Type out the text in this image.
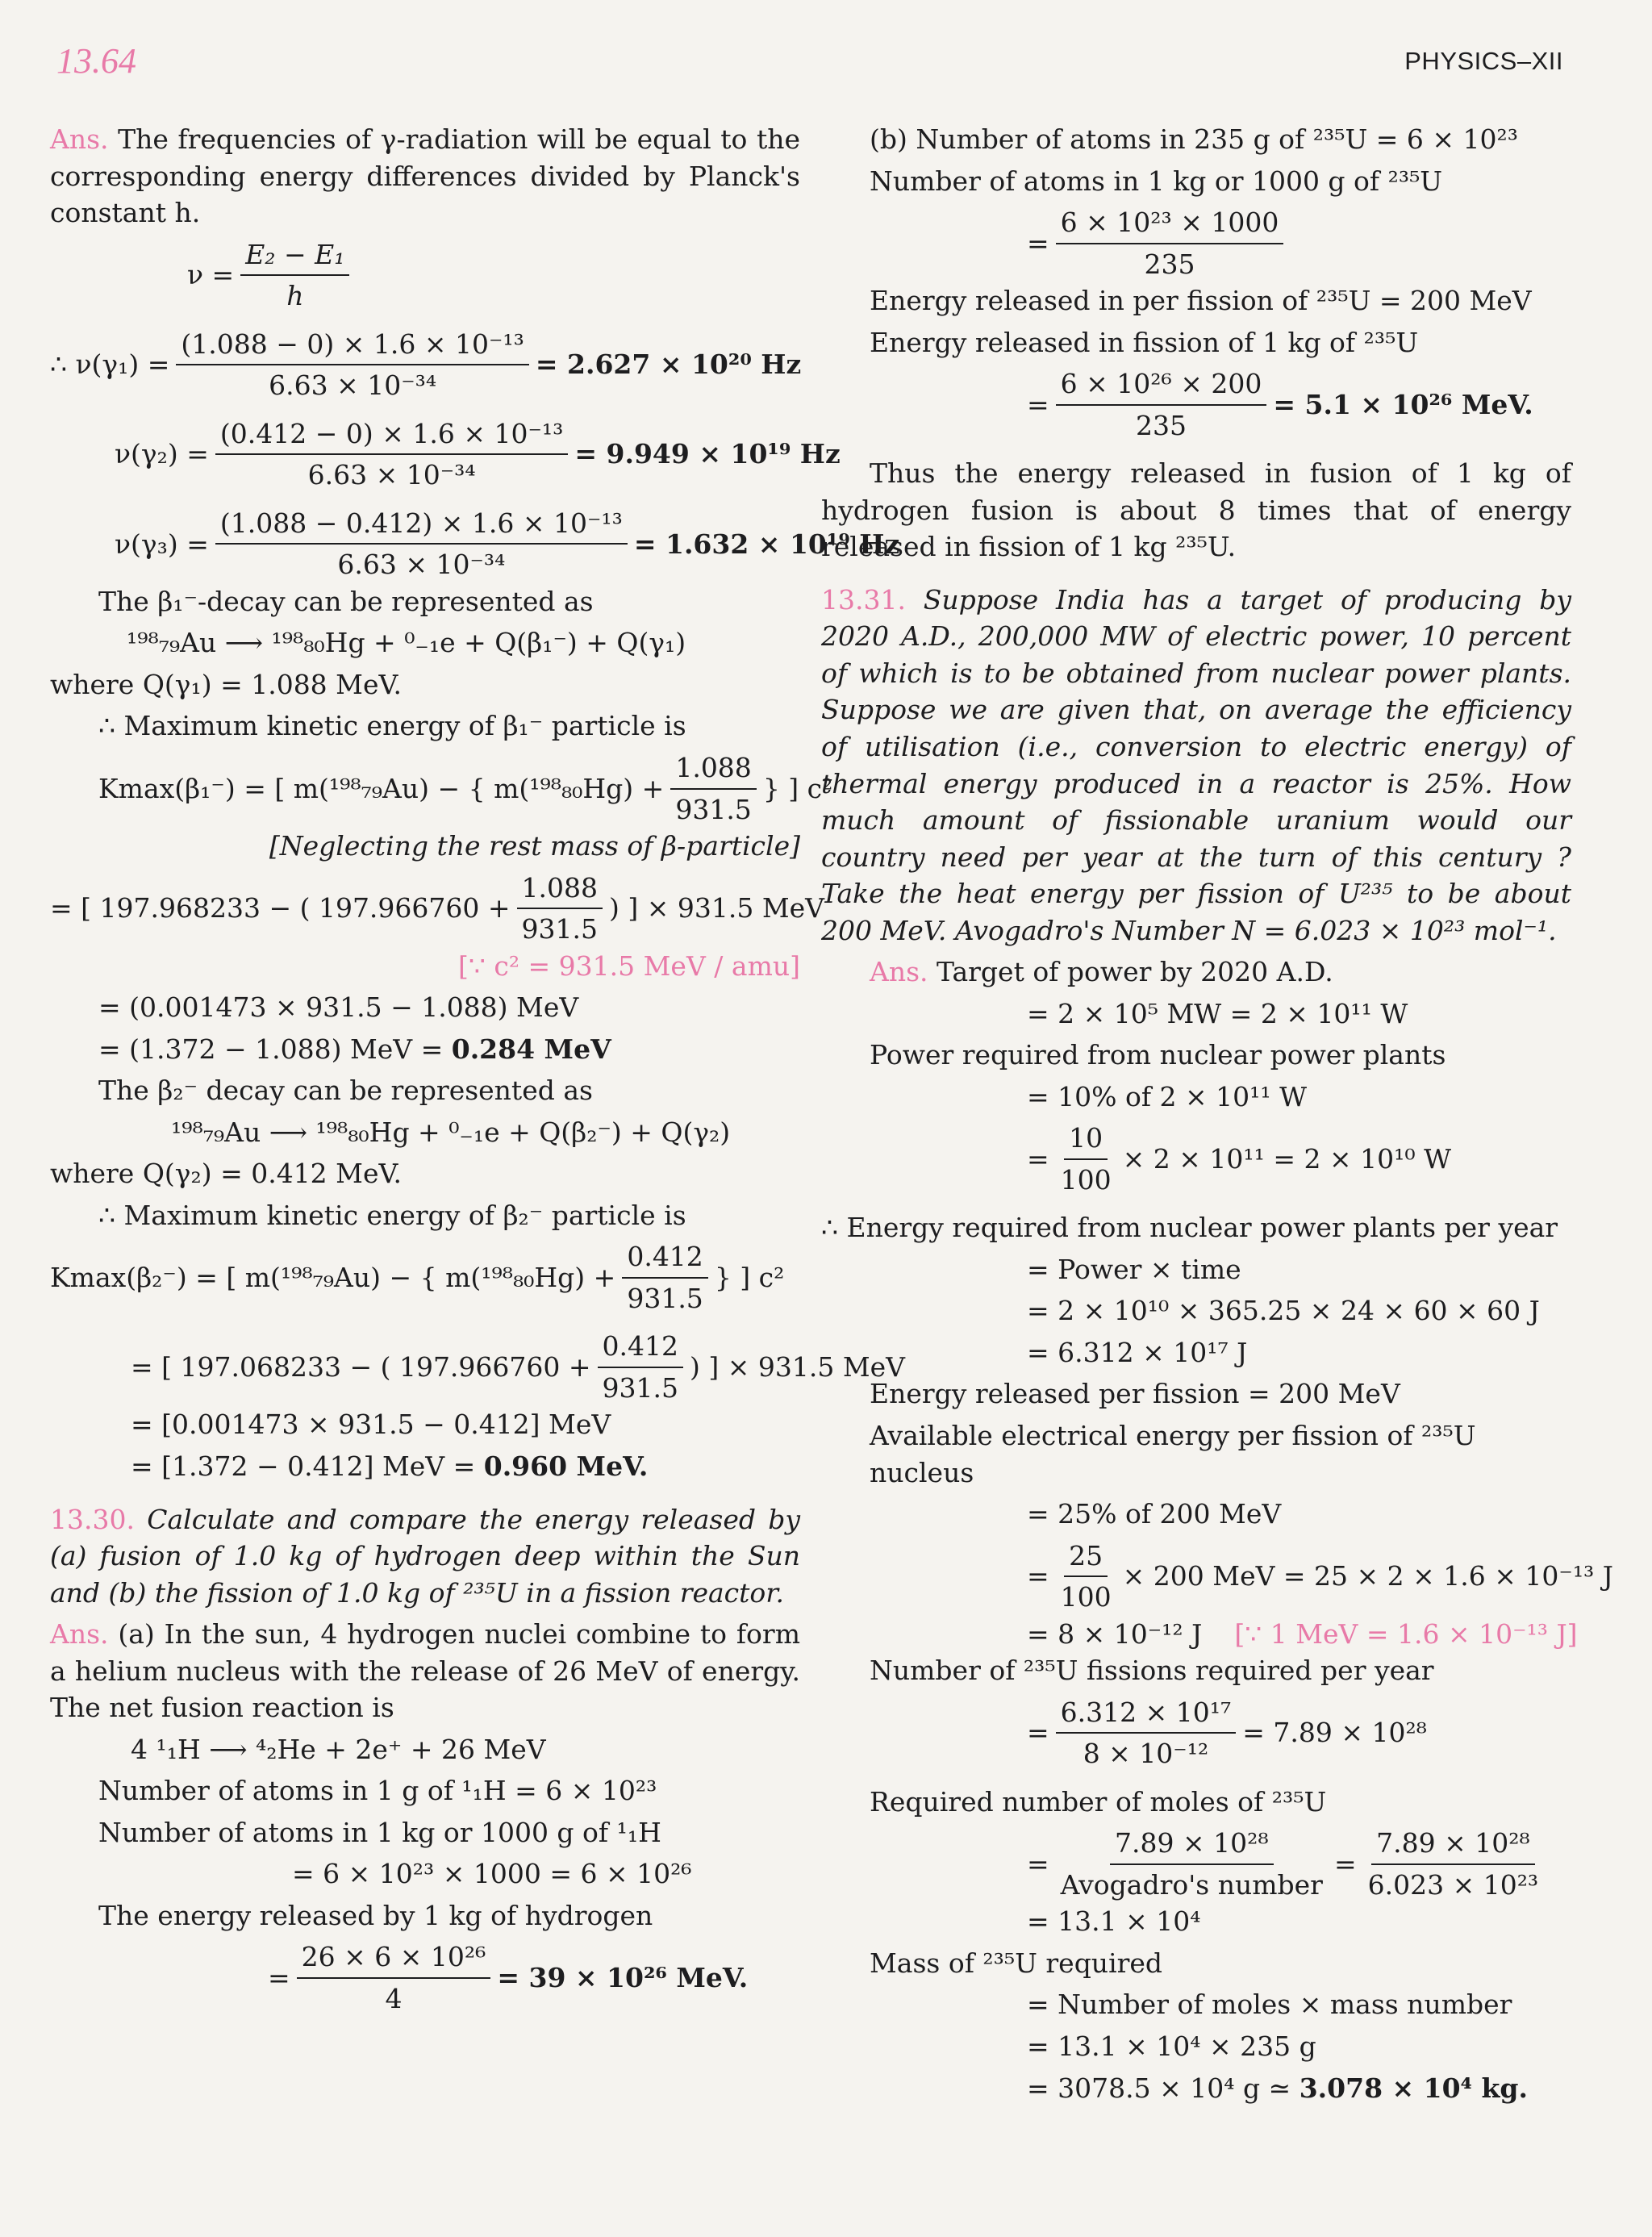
13.64	PHYSICS–XII

Ans. The frequencies of γ-radiation will be equal to the corresponding energy differences divided by Planck's constant h.

$\nu = \frac{\text{E₂ − E₁}}{h}$
∴ $\nu(\gamma_1) = \frac{\text{(1.088 − 0) × 1.6 × 10⁻¹³}}{\text{6.63 × 10⁻³⁴}} = 2.627 \times 10^{20}$ Hz
$\nu(\gamma_2) = \frac{\text{(0.412 − 0) × 1.6 × 10⁻¹³}}{\text{6.63 × 10⁻³⁴}} = 9.949 \times 10^{19}$ Hz
$\nu(\gamma_3) = \frac{\text{(1.088 − 0.412) × 1.6 × 10⁻¹³}}{\text{6.63 × 10⁻³⁴}} = 1.632 \times 10^{19}$ Hz

The β₁⁻-decay can be represented as

¹⁹⁸₇₉Au ⟶ ¹⁹⁸₈₀Hg + ⁰₋₁e + Q(β₁⁻) + Q(γ₁)

where Q(γ₁) = 1.088 MeV.

∴ Maximum kinetic energy of β₁⁻ particle is

Kmax(β₁⁻) = [ m(¹⁹⁸₇₉Au) − { $m(^{198}_{80}Hg) + \frac{1.088}{931.5}$ } ] c²

[Neglecting the rest mass of β-particle]

= [ 197.968233 − ( $197.966760 + \frac{1.088}{931.5}$ ) ] × 931.5 MeV

[∵ c² = 931.5 MeV / amu]

= (0.001473 × 931.5 − 1.088) MeV

= (1.372 − 1.088) MeV = 0.284 MeV

The β₂⁻ decay can be represented as

¹⁹⁸₇₉Au ⟶ ¹⁹⁸₈₀Hg + ⁰₋₁e + Q(β₂⁻) + Q(γ₂)

where Q(γ₂) = 0.412 MeV.

∴ Maximum kinetic energy of β₂⁻ particle is

Kmax(β₂⁻) = [ m(¹⁹⁸₇₉Au) − { $m(^{198}_{80}Hg) + \frac{0.412}{931.5}$ } ] c²
= [ 197.068233 − ( $197.966760 + \frac{0.412}{931.5}$ ) ] × 931.5 MeV

= [0.001473 × 931.5 − 0.412] MeV

= [1.372 − 0.412] MeV = 0.960 MeV.

13.30. Calculate and compare the energy released by (a) fusion of 1.0 kg of hydrogen deep within the Sun and (b) the fission of 1.0 kg of ²³⁵U in a fission reactor.

Ans. (a) In the sun, 4 hydrogen nuclei combine to form a helium nucleus with the release of 26 MeV of energy. The net fusion reaction is

4 ¹₁H ⟶ ⁴₂He + 2e⁺ + 26 MeV

Number of atoms in 1 g of ¹₁H = 6 × 10²³

Number of atoms in 1 kg or 1000 g of ¹₁H

= 6 × 10²³ × 1000 = 6 × 10²⁶

The energy released by 1 kg of hydrogen

= $\frac{\text{26 × 6 × 10²⁶}}{4} = 39 \times 10^{26}$ MeV.

(b) Number of atoms in 235 g of ²³⁵U = 6 × 10²³

Number of atoms in 1 kg or 1000 g of ²³⁵U

= $\frac{\text{6 × 10²³ × 1000}}{235}$

Energy released in per fission of ²³⁵U = 200 MeV

Energy released in fission of 1 kg of ²³⁵U

= $\frac{\text{6 × 10²⁶ × 200}}{235} = 5.1 \times 10^{26}$ MeV.

Thus the energy released in fusion of 1 kg of hydrogen fusion is about 8 times that of energy released in fission of 1 kg ²³⁵U.

13.31. Suppose India has a target of producing by 2020 A.D., 200,000 MW of electric power, 10 percent of which is to be obtained from nuclear power plants. Suppose we are given that, on average the efficiency of utilisation (i.e., conversion to electric energy) of thermal energy produced in a reactor is 25%. How much amount of fissionable uranium would our country need per year at the turn of this century ? Take the heat energy per fission of U²³⁵ to be about 200 MeV. Avogadro's Number N = 6.023 × 10²³ mol⁻¹.

Ans. Target of power by 2020 A.D.

= 2 × 10⁵ MW = 2 × 10¹¹ W

Power required from nuclear power plants

= 10% of 2 × 10¹¹ W

= $\frac{10}{100} \times 2 \times 10^{11} = 2 \times 10^{10}$ W

∴ Energy required from nuclear power plants per year

= Power × time

= 2 × 10¹⁰ × 365.25 × 24 × 60 × 60 J

= 6.312 × 10¹⁷ J

Energy released per fission = 200 MeV

Available electrical energy per fission of ²³⁵U nucleus

= 25% of 200 MeV

= $\frac{25}{100} \times 200$ MeV = 25 × 2 × 1.6 × 10⁻¹³ J
= 8 × 10⁻¹² J [∵ 1 MeV = 1.6 × 10⁻¹³ J]

Number of ²³⁵U fissions required per year

= $\frac{\text{6.312 × 10¹⁷}}{\text{8 × 10⁻¹²}} = 7.89 \times 10^{28}$

Required number of moles of ²³⁵U

= $\frac{\text{7.89 × 10²⁸}}{\text{Avogadro's number}} = \frac{\text{7.89 × 10²⁸}}{\text{6.023 × 10²³}}$

= 13.1 × 10⁴

Mass of ²³⁵U required

= Number of moles × mass number

= 13.1 × 10⁴ × 235 g

= 3078.5 × 10⁴ g ≃ 3.078 × 10⁴ kg.
